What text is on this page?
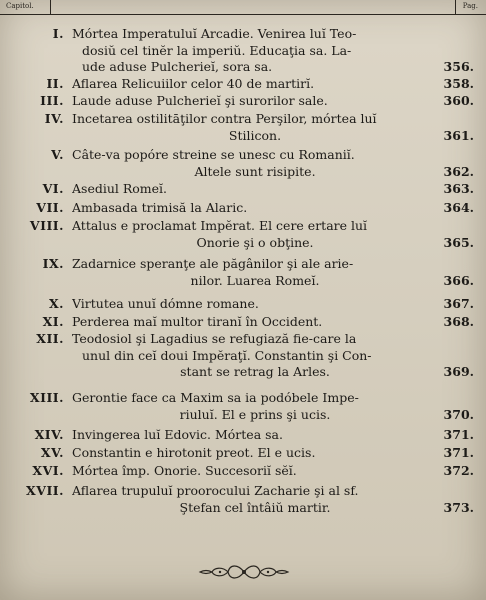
Capitol.	Pag.
I. Mórtea Imperatuluĭ Arcadie. Venirea luĭ Teo-
dosiŭ cel tinĕr la imperiŭ. Educaţia sa. La-
ude aduse Pulcherieĭ, sora sa.	356.
II. Aflarea Relicuiilor celor 40 de martirĭ.	358.
III. Laude aduse Pulcherieĭ şi surorilor sale.	360.
IV. Incetarea ostilitāţilor contra Perşilor, mórtea luĭ
Stilicon.	361.
V. Câte-va popóre streine se unesc cu Romaniĭ.
Altele sunt risipite.	362.
VI. Asediul Romeĭ.	363.
VII. Ambasada trimisă la Alaric.	364.
VIII. Attalus e proclamat Impĕrat. El cere ertare luĭ
Onorie şi o obţine.	365.
IX. Zadarnice speranţe ale păgânilor şi ale arie-
nilor. Luarea Romeĭ.	366.
X. Virtutea unuĭ dómne romane.	367.
XI. Perderea maĭ multor tiranĭ în Occident.	368.
XII. Teodosiol şi Lagadius se refugiază fie-care la
unul din ceĭ doui Impĕraţĭ. Constantin şi Con-
stant se retrag la Arles.	369.
XIII. Gerontie face ca Maxim sa ia podóbele Impe-
riuluĭ. El e prins şi ucis.	370.
XIV. Invingerea luĭ Edovic. Mórtea sa.	371.
XV. Constantin e hirotonit preot. El e ucis.	371.
XVI. Mórtea împ. Onorie. Succesoriĭ sĕĭ.	372.
XVII. Aflarea trupuluĭ proorocului Zacharie şi al sf.
Ştefan cel întâiŭ martir.	373.
